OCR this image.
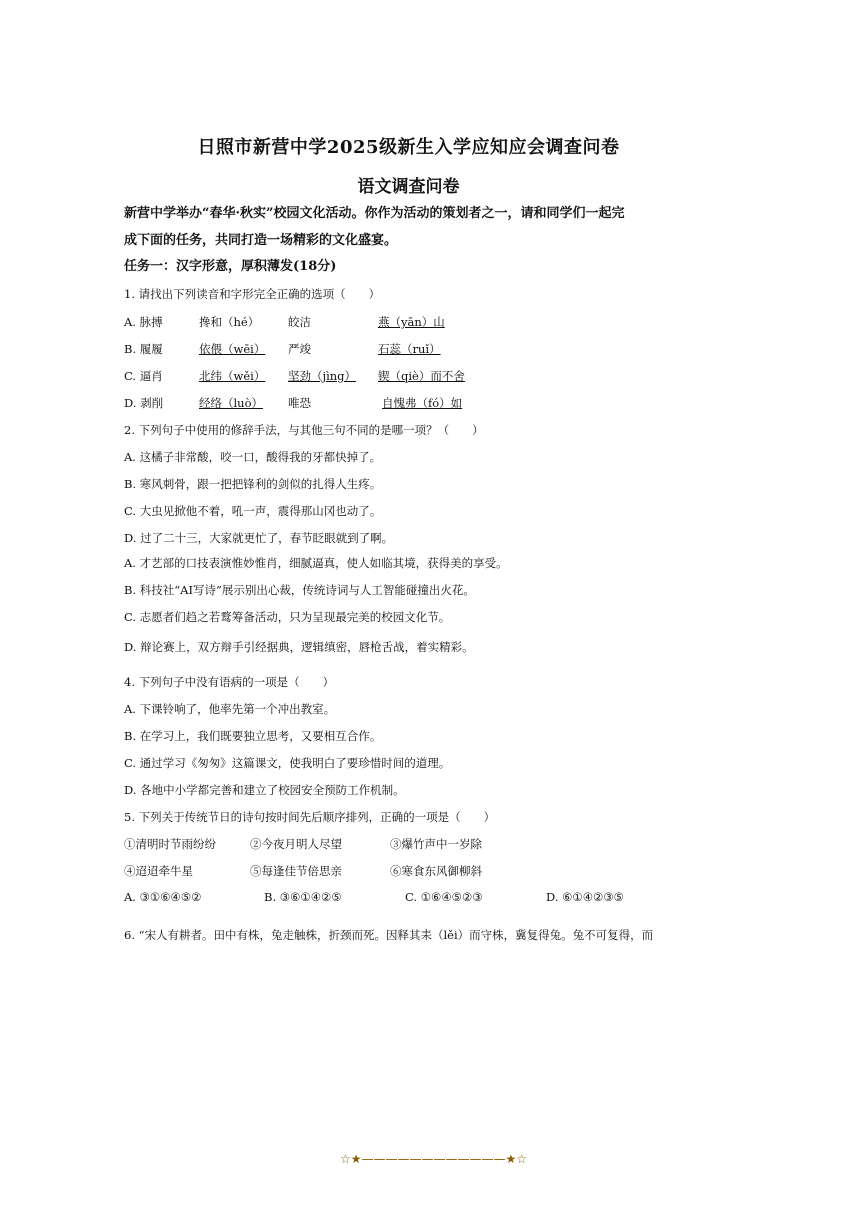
日照市新营中学2025级新生入学应知应会调查问卷
语文调查问卷
新营中学举办“春华·秋实”校园文化活动。你作为活动的策划者之一，请和同学们一起完
成下面的任务，共同打造一场精彩的文化盛宴。
任务一：汉字形意，厚积薄发(18分)
1. 请找出下列读音和字形完全正确的选项（　　）
A. 脉搏	搀和（hé）	皎洁	燕（yān）山
B. 履履	依偎（wēi） 严竣	石蕊（ruǐ）
C. 逼肖	北纬（wěi） 坚劲（jìng） 锲（qiè）而不舍
D. 剥削	经络（luò） 唯恐	自愧弗（fó）如
2. 下列句子中使用的修辞手法，与其他三句不同的是哪一项？（　　）
A. 这橘子非常酸，咬一口，酸得我的牙都快掉了。
B. 寒风刺骨，跟一把把锋利的剑似的扎得人生疼。
C. 大虫见掀他不着，吼一声，震得那山冈也动了。
D. 过了二十三，大家就更忙了，春节眨眼就到了啊。
A. 才艺部的口技表演惟妙惟肖，细腻逼真，使人如临其境，获得美的享受。
B. 科技社“AI写诗”展示别出心裁，传统诗词与人工智能碰撞出火花。
C. 志愿者们趋之若鹜筹备活动，只为呈现最完美的校园文化节。
D. 辩论赛上，双方辩手引经据典，逻辑缜密，唇枪舌战，着实精彩。
4. 下列句子中没有语病的一项是（　　）
A. 下课铃响了，他率先第一个冲出教室。
B. 在学习上，我们既要独立思考，又要相互合作。
C. 通过学习《匆匆》这篇课文，使我明白了要珍惜时间的道理。
D. 各地中小学都完善和建立了校园安全预防工作机制。
5. 下列关于传统节日的诗句按时间先后顺序排列，正确的一项是（　　）
①清明时节雨纷纷	②今夜月明人尽望	③爆竹声中一岁除
④迢迢牵牛星	⑤每逢佳节倍思亲	⑥寒食东风御柳斜
A. ③①⑥④⑤②	B. ③⑥①④②⑤	C. ①⑥④⑤②③	D. ⑥①④②③⑤
6. “宋人有耕者。田中有株，兔走触株，折颈而死。因释其耒（lěi）而守株，冀复得兔。兔不可复得，而
☆★————————————★☆
